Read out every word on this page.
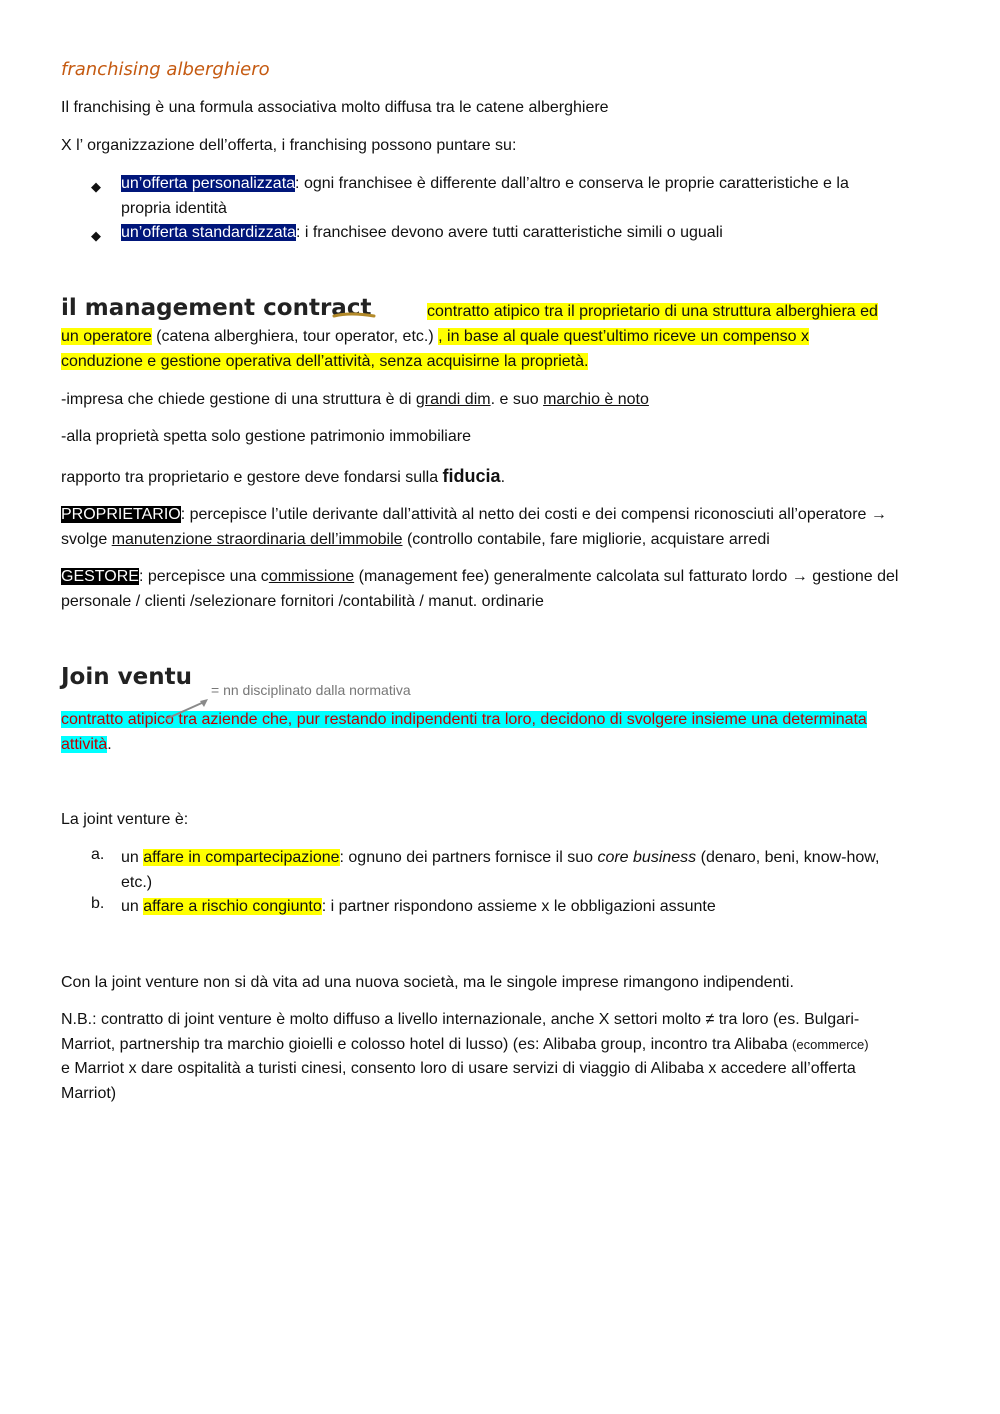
franchising alberghiero

Il franchising è una formula associativa molto diffusa tra le catene alberghiere

X l’ organizzazione dell’offerta, i franchising possono puntare su:

◆ un’offerta personalizzata: ogni franchisee è differente dall’altro e conserva le proprie caratteristiche e la
propria identità
◆ un’offerta standardizzata: i franchisee devono avere tutti caratteristiche simili o uguali
il management contract	contratto atipico tra il proprietario di una struttura alberghiera ed
un operatore (catena alberghiera, tour operator, etc.) , in base al quale quest’ultimo riceve un compenso x
conduzione e gestione operativa dell’attività, senza acquisirne la proprietà.

-impresa che chiede gestione di una struttura è di grandi dim. e suo marchio è noto

-alla proprietà spetta solo gestione patrimonio immobiliare

rapporto tra proprietario e gestore deve fondarsi sulla fiducia.

PROPRIETARIO: percepisce l’utile derivante dall’attività al netto dei costi e dei compensi riconosciuti all’operatore →
svolge manutenzione straordinaria dell’immobile (controllo contabile, fare migliorie, acquistare arredi
GESTORE: percepisce una commissione (management fee) generalmente calcolata sul fatturato lordo → gestione del
personale / clienti /selezionare fornitori /contabilità / manut. ordinarie
Join ventu = nn disciplinato dalla normativa
contratto atipico tra aziende che, pur restando indipendenti tra loro, decidono di svolgere insieme una determinata
attività.

La joint venture è:

a. un affare in compartecipazione: ognuno dei partners fornisce il suo core business (denaro, beni, know-how,
etc.)
b. un affare a rischio congiunto: i partner rispondono assieme x le obbligazioni assunte

Con la joint venture non si dà vita ad una nuova società, ma le singole imprese rimangono indipendenti.

N.B.: contratto di joint venture è molto diffuso a livello internazionale, anche X settori molto ≠ tra loro (es. Bulgari-
Marriot, partnership tra marchio gioielli e colosso hotel di lusso) (es: Alibaba group, incontro tra Alibaba (ecommerce)
e Marriot x dare ospitalità a turisti cinesi, consento loro di usare servizi di viaggio di Alibaba x accedere all’offerta
Marriot)
